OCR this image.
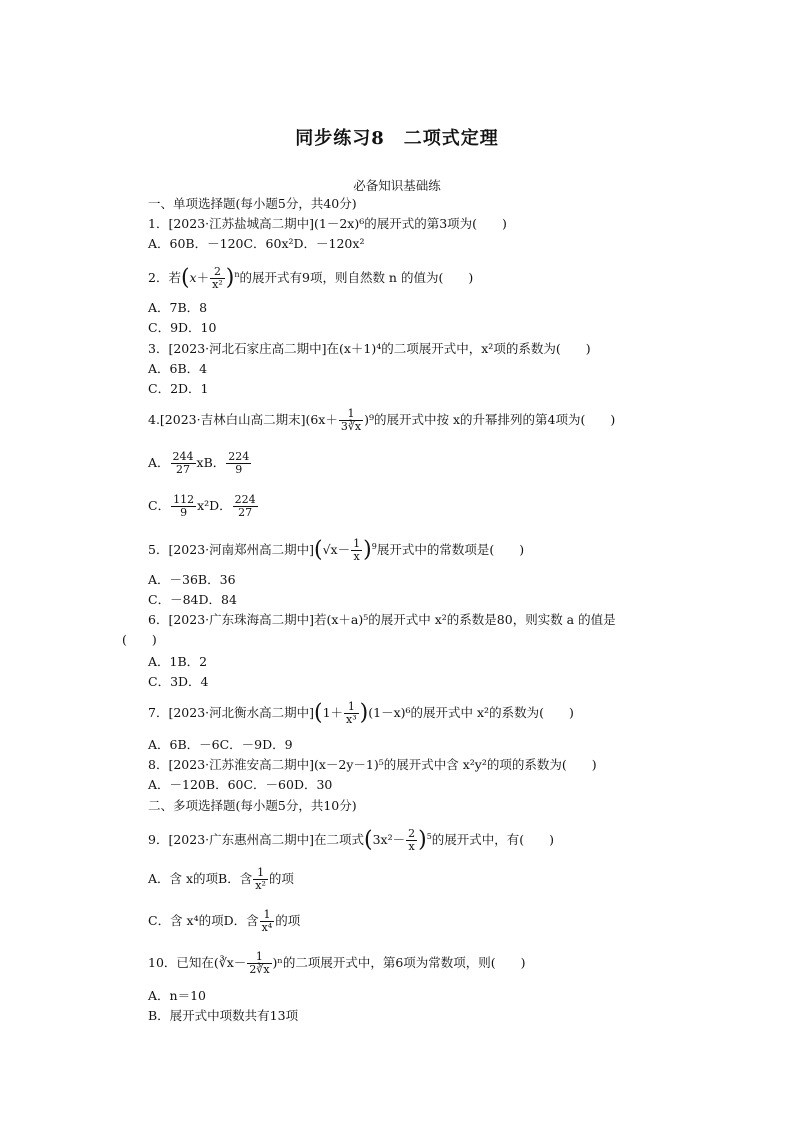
同步练习8　二项式定理
必备知识基础练
一、单项选择题(每小题5分，共40分)
1．[2023·江苏盐城高二期中](1－2x)⁶的展开式的第3项为(　　)
A．60B．－120C．60x²D．－120x²
2．若$(x+ \frac{2}{\text{x²}} )^n$的展开式有9项，则自然数 n 的值为(　　)
A．7B．8
C．9D．10
3．[2023·河北石家庄高二期中]在(x＋1)⁴的二项展开式中，x²项的系数为(　　)
A．6B．4
C．2D．1
4.[2023·吉林白山高二期末]$(6x+ \frac{1}{3∛x} )^9$的展开式中按 x的升幂排列的第4项为(　　)
A． $\frac{244}{27}$ xB． $\frac{224}{9}$
C． $\frac{112}{9} x^2D$． $\frac{224}{27}$
5．[2023·河南郑州高二期中]$(√x- \frac{1}{x} )^9$展开式中的常数项是(　　)
A．－36B．36
C．－84D．84
6．[2023·广东珠海高二期中]若(x＋a)⁵的展开式中 x²的系数是80，则实数 a 的值是
(　　)
A．1B．2
C．3D．4
7．[2023·河北衡水高二期中]$(1+ \frac{1}{\text{x³}} )(1-x)^6$的展开式中 x²的系数为(　　)
A．6B．－6C．－9D．9
8．[2023·江苏淮安高二期中](x－2y－1)⁵的展开式中含 x²y²的项的系数为(　　)
A．－120B．60C．－60D．30
二、多项选择题(每小题5分，共10分)
9．[2023·广东惠州高二期中]在二项式$(3x^2- \frac{2}{x} )^5$的展开式中，有(　　)
A．含 x的项B．含 $\frac{1}{\text{x²}}$ 的项
C．含 x⁴的项D．含 $\frac{1}{\text{x⁴}}$ 的项
10．已知在(∛x－ $\frac{1}{2∛x} )^n$的二项展开式中，第6项为常数项，则(　　)
A．n＝10
B．展开式中项数共有13项
